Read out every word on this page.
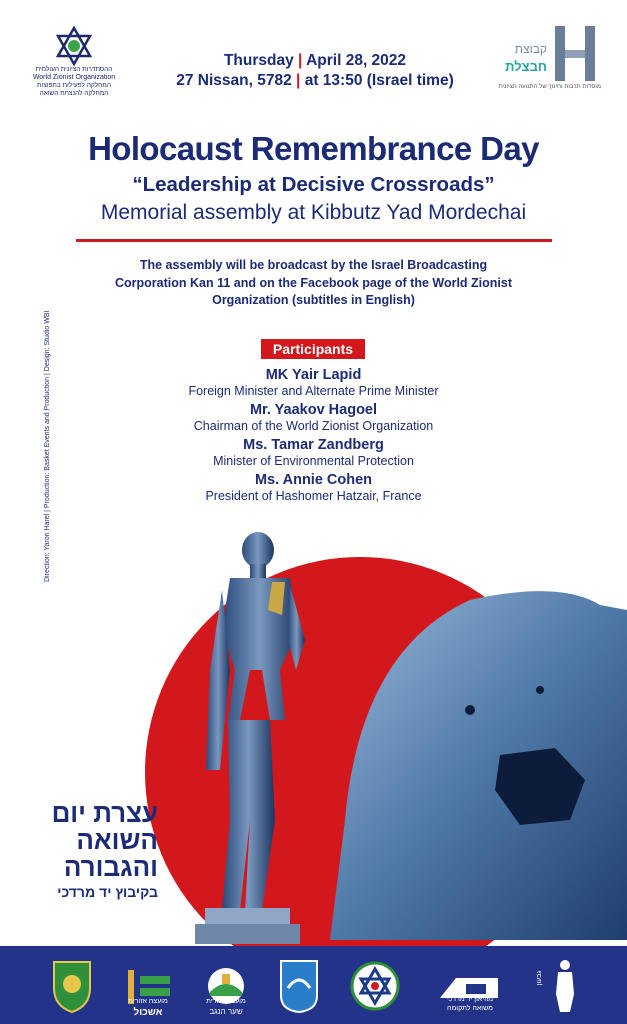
ההסתדרות הציונית העולמית
World Zionist Organization
המחלקה לפעילות בתפוצות
המחלקה להנצחת השואה
Thursday | April 28, 2022
27 Nissan, 5782 | at 13:50 (Israel time)
קבוצת
חבצלת
מוסדות תרבות וחינוך של התנועה הציונית
Holocaust Remembrance Day
“Leadership at Decisive Crossroads”
Memorial assembly at Kibbutz Yad Mordechai
The assembly will be broadcast by the Israel Broadcasting Corporation Kan 11 and on the Facebook page of the World Zionist Organization (subtitles in English)
Direction: Yaron Harel | Production: Basket Events and Production | Design: Studio WBI	Participants
MK Yair Lapid
Foreign Minister and Alternate Prime Minister
Mr. Yaakov Hagoel
Chairman of the World Zionist Organization
Ms. Tamar Zandberg
Minister of Environmental Protection
Ms. Annie Cohen
President of Hashomer Hatzair, France
עצרת יום
השואה
והגבורה
בקיבוץ יד מרדכי
מועצה אזורית
אשכול
מועצה אזורית
שער הנגב
מוזיאון יד מרדכי
משואה לתקומה
גבעון
